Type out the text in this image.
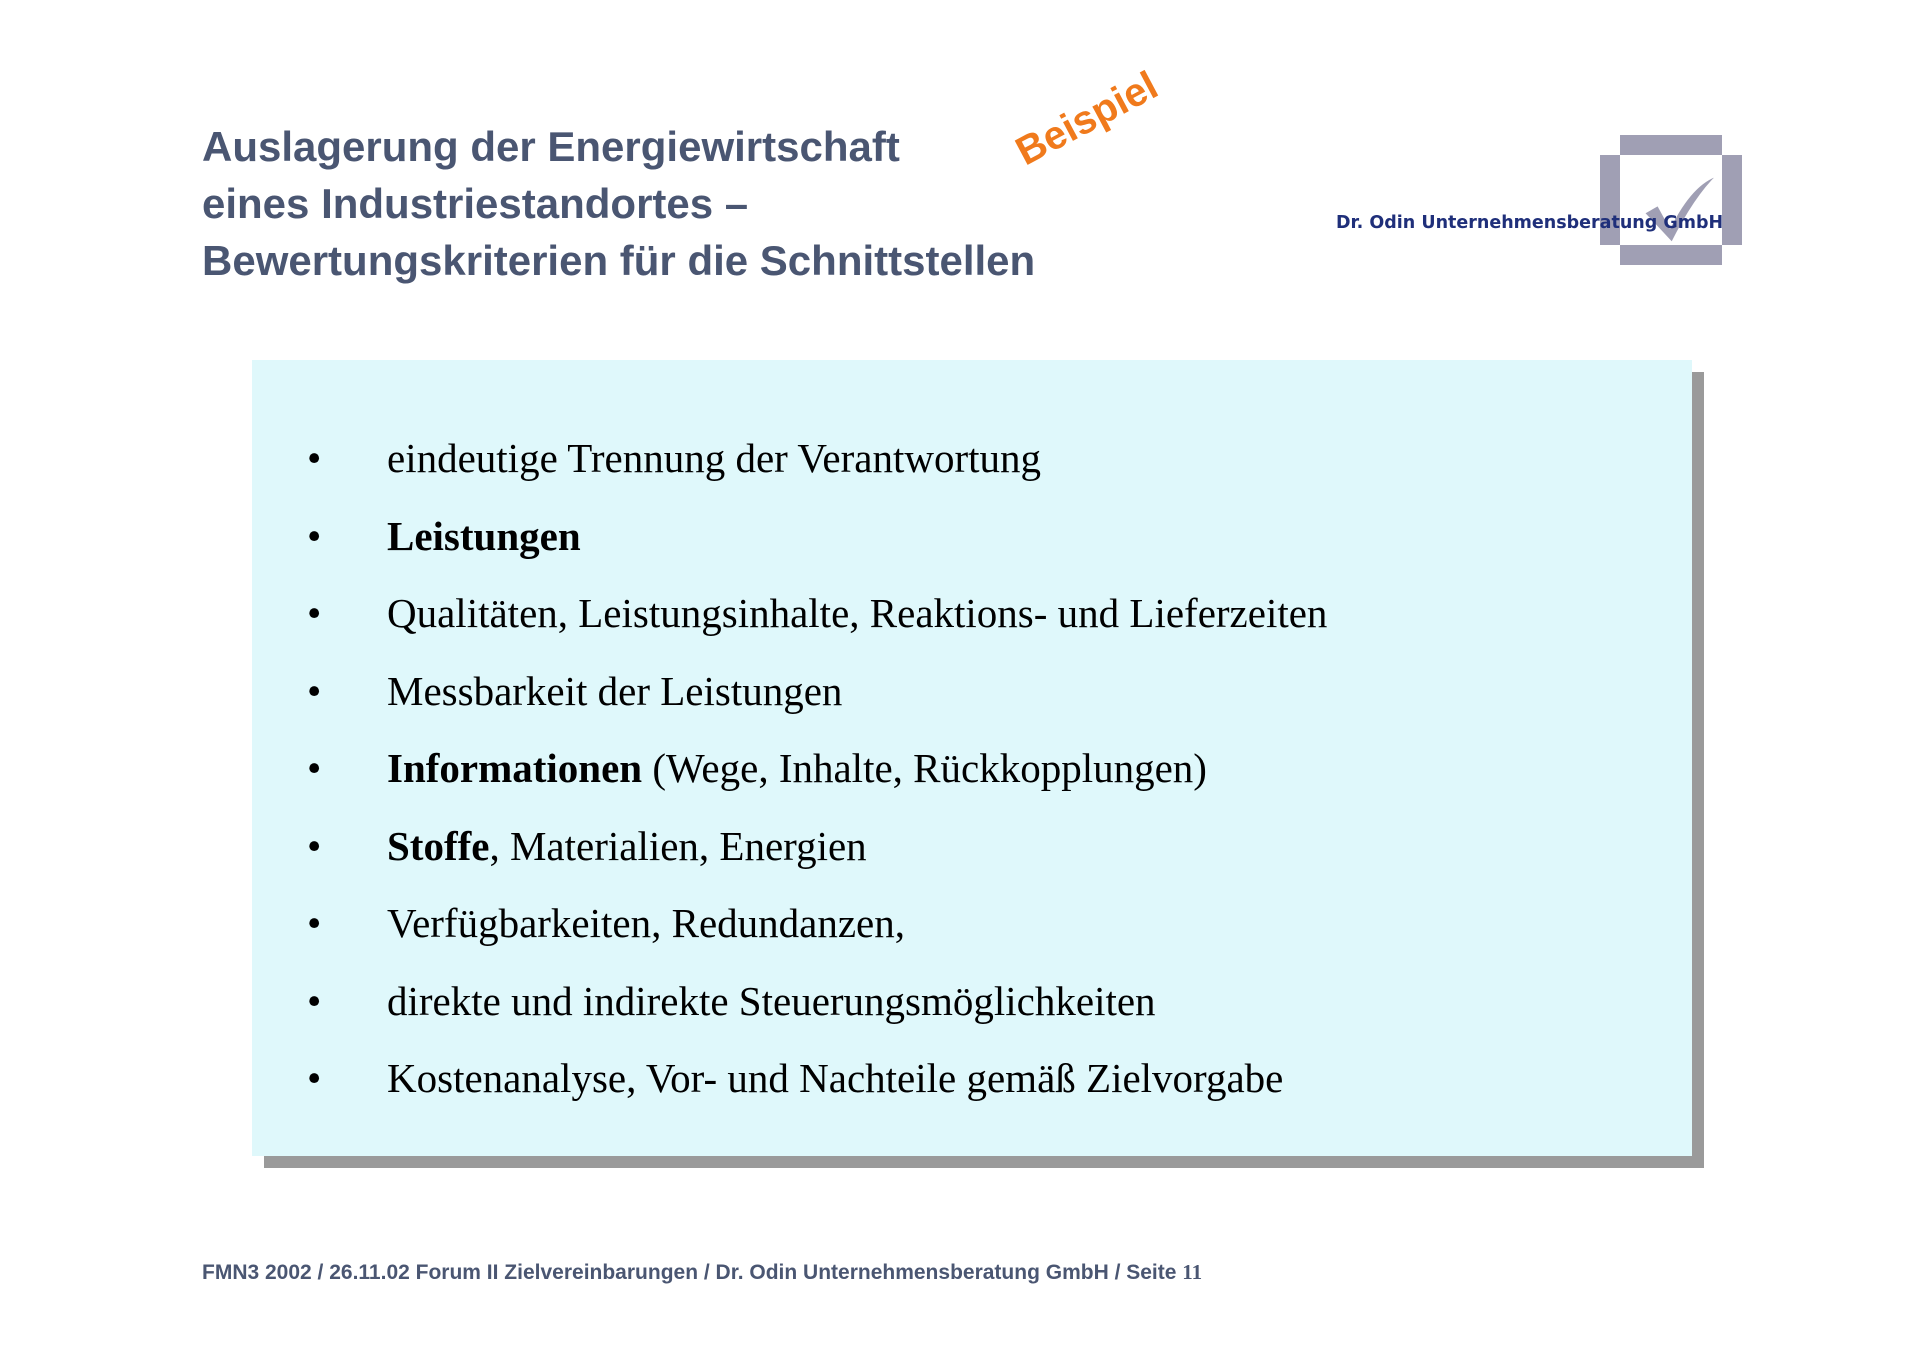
Auslagerung der Energiewirtschaft
eines Industriestandortes –
Bewertungskriterien für die Schnittstellen
Beispiel
Dr. Odin Unternehmensberatung GmbH
•	eindeutige Trennung der Verantwortung
•	Leistungen
•	Qualitäten, Leistungsinhalte, Reaktions- und Lieferzeiten
•	Messbarkeit der Leistungen
•	Informationen (Wege, Inhalte, Rückkopplungen)
•	Stoffe, Materialien, Energien
•	Verfügbarkeiten, Redundanzen,
•	direkte und indirekte Steuerungsmöglichkeiten
•	Kostenanalyse, Vor- und Nachteile gemäß Zielvorgabe
FMN3 2002 / 26.11.02 Forum II Zielvereinbarungen / Dr. Odin Unternehmensberatung GmbH / Seite 11
